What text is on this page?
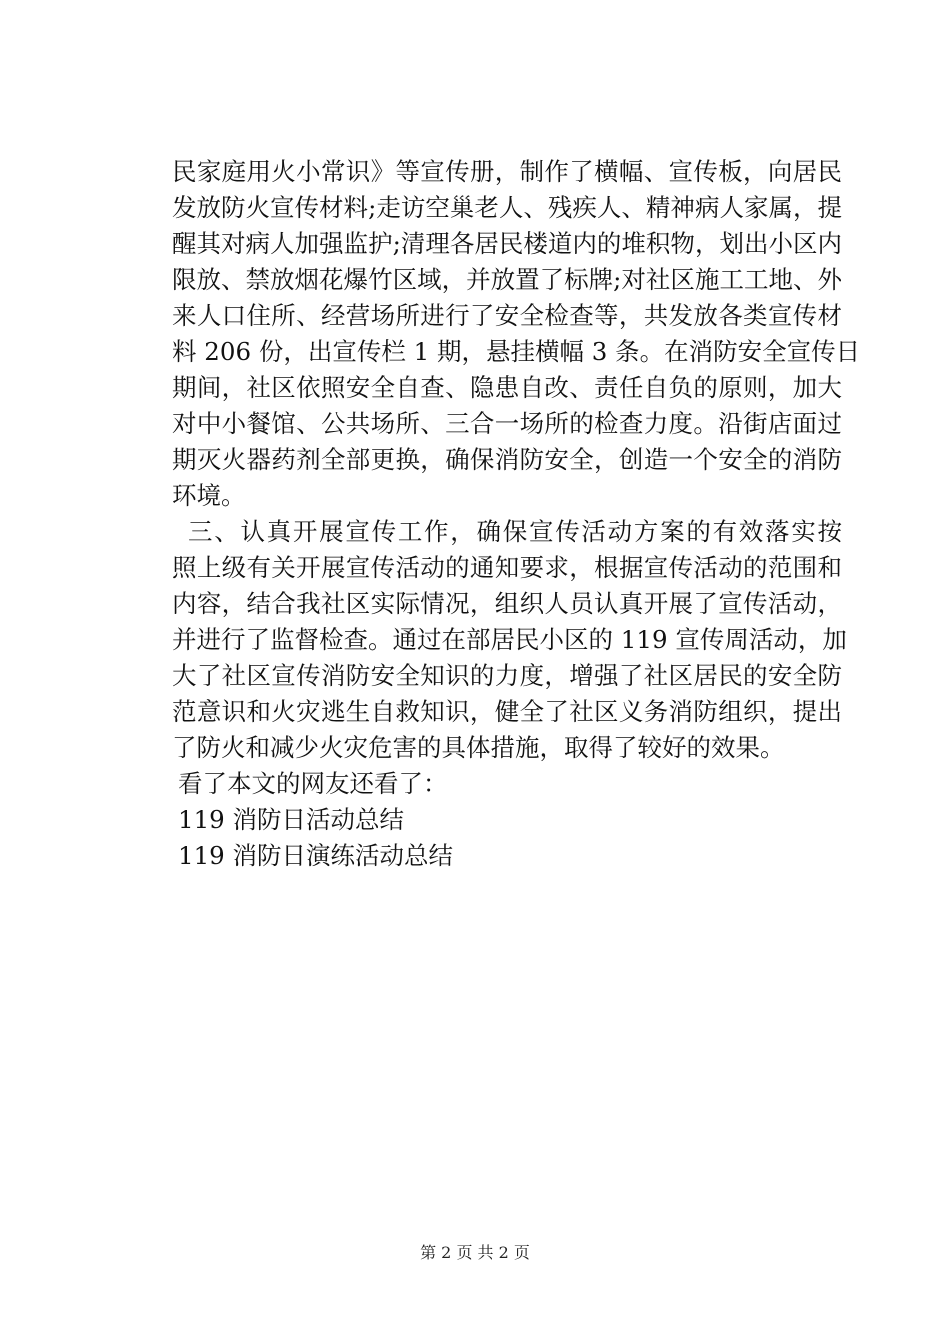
民家庭用火小常识》等宣传册，制作了横幅、宣传板，向居民
发放防火宣传材料;走访空巢老人、残疾人、精神病人家属，提
醒其对病人加强监护;清理各居民楼道内的堆积物，划出小区内
限放、禁放烟花爆竹区域，并放置了标牌;对社区施工工地、外
来人口住所、经营场所进行了安全检查等，共发放各类宣传材
料 206 份，出宣传栏 1 期，悬挂横幅 3 条。在消防安全宣传日
期间，社区依照安全自查、隐患自改、责任自负的原则，加大
对中小餐馆、公共场所、三合一场所的检查力度。沿街店面过
期灭火器药剂全部更换，确保消防安全，创造一个安全的消防
环境。
三、认真开展宣传工作，确保宣传活动方案的有效落实按
照上级有关开展宣传活动的通知要求，根据宣传活动的范围和
内容，结合我社区实际情况，组织人员认真开展了宣传活动，
并进行了监督检查。通过在部居民小区的 119 宣传周活动，加
大了社区宣传消防安全知识的力度，增强了社区居民的安全防
范意识和火灾逃生自救知识，健全了社区义务消防组织，提出
了防火和减少火灾危害的具体措施，取得了较好的效果。
看了本文的网友还看了：
119 消防日活动总结
119 消防日演练活动总结
第 2 页 共 2 页
